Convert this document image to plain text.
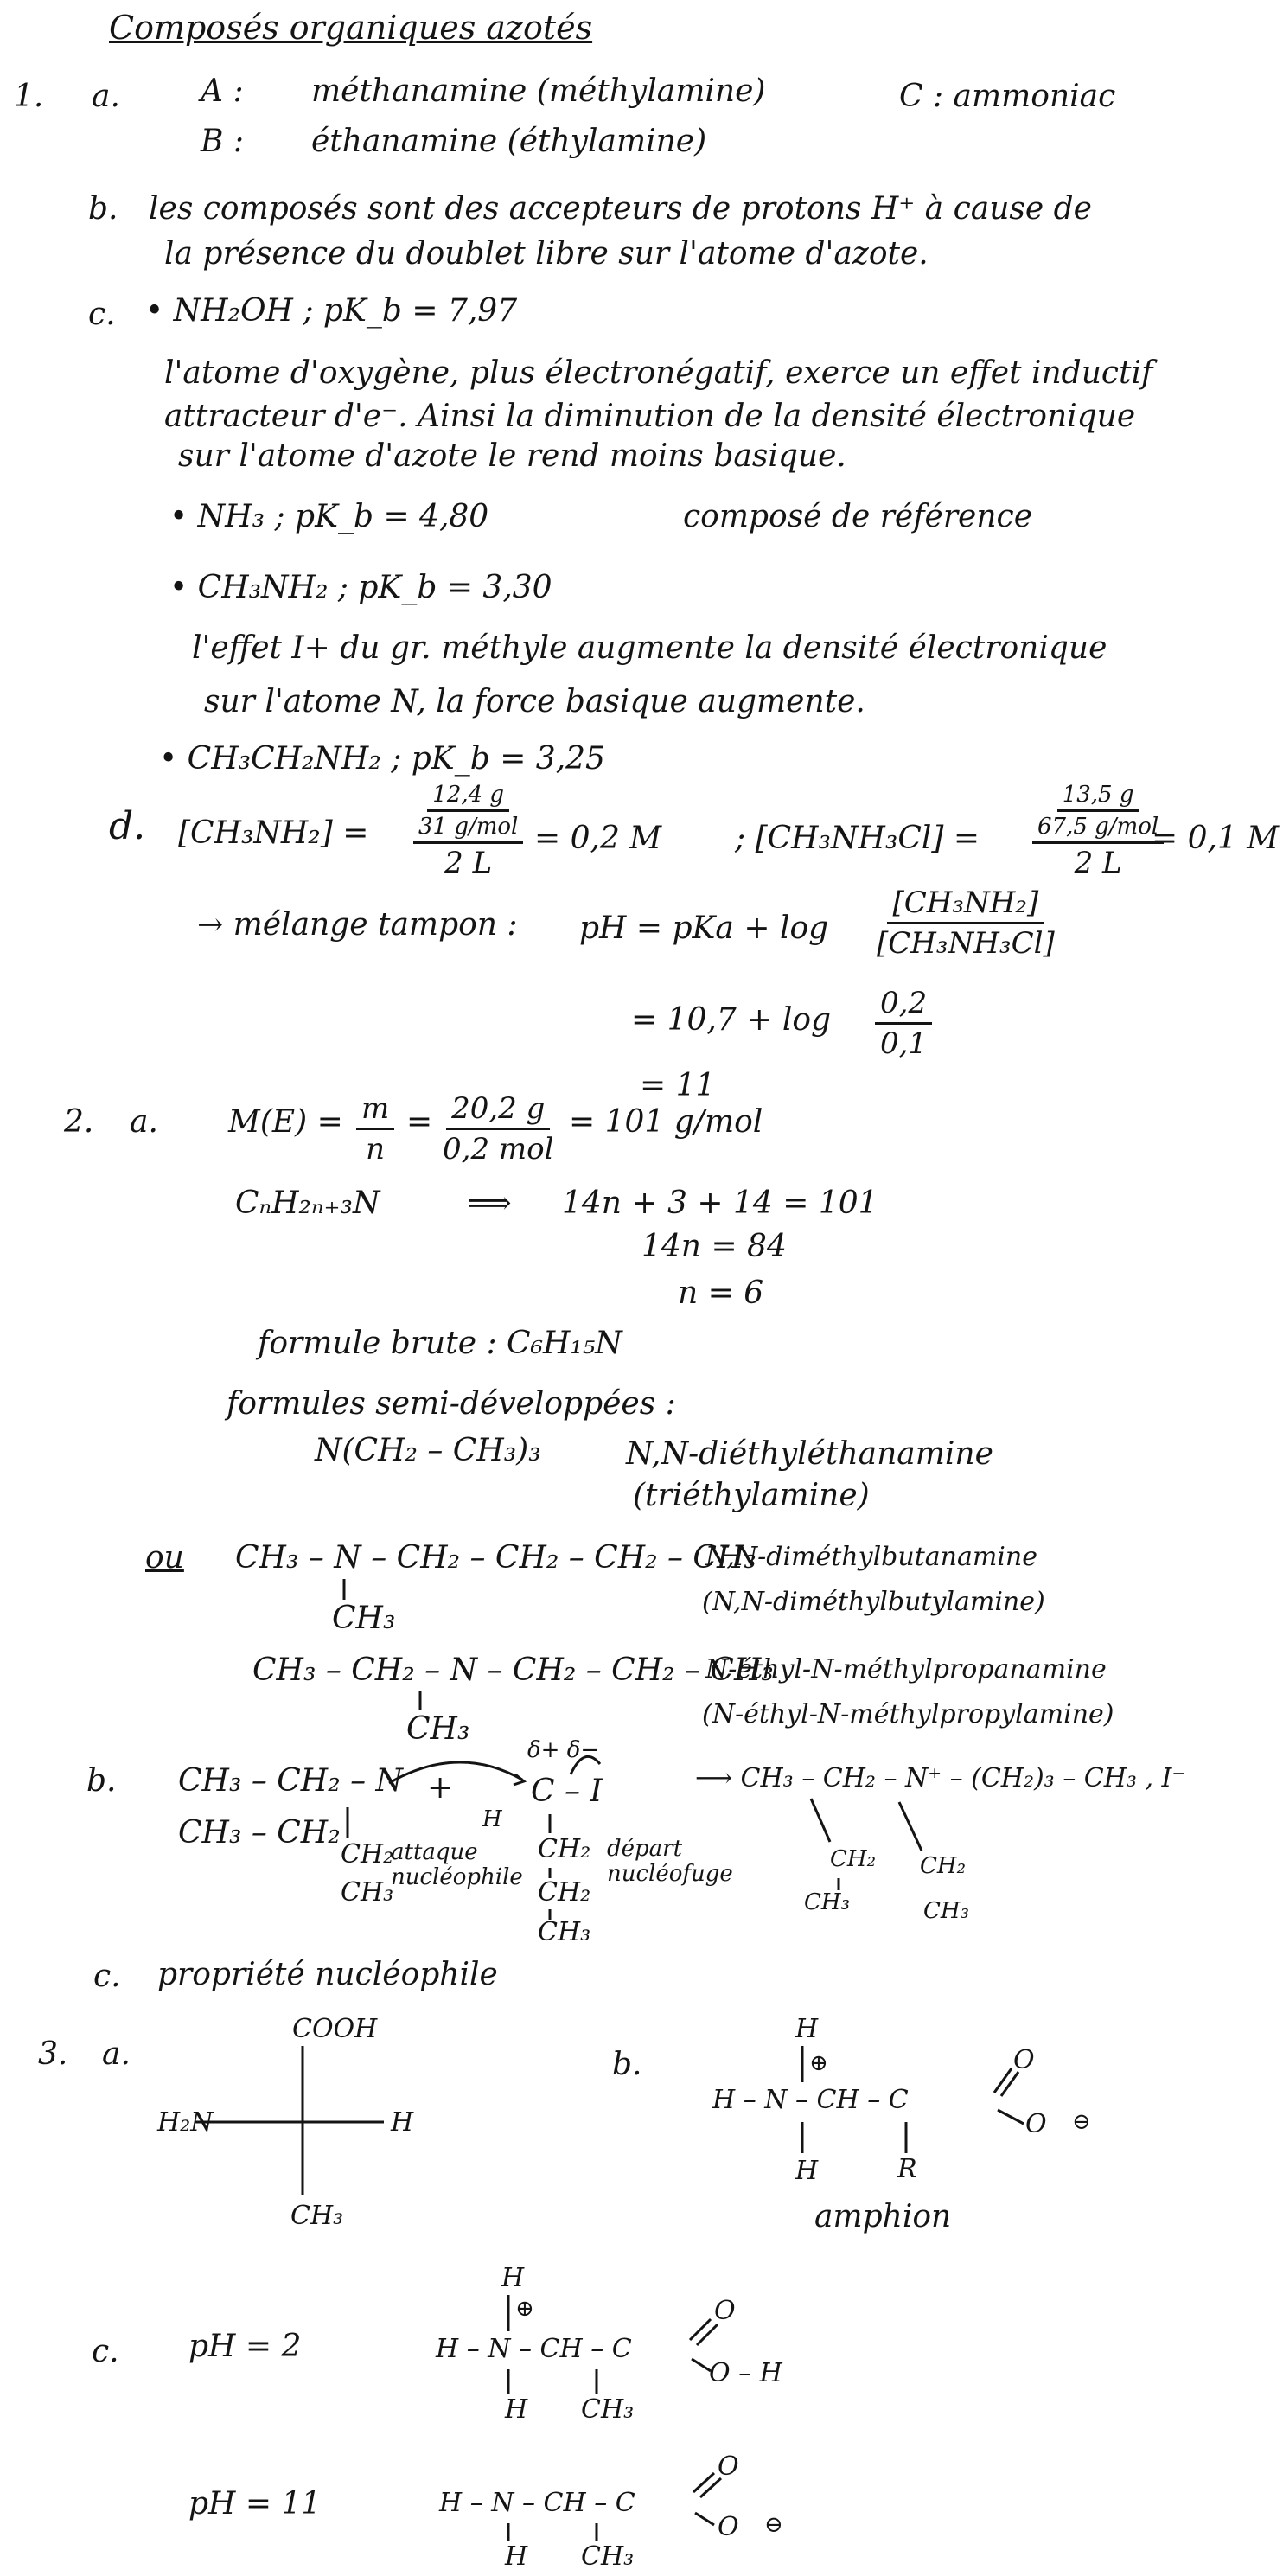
Composés organiques azotés
1. a.	A : méthanamine (méthylamine)	C : ammoniac
B : éthanamine (éthylamine)
b. les composés sont des accepteurs de protons H⁺ à cause de
la présence du doublet libre sur l'atome d'azote.
c. • NH₂OH ; pK_b = 7,97
l'atome d'oxygène, plus électronégatif, exerce un effet inductif
attracteur d'e⁻. Ainsi la diminution de la densité électronique
sur l'atome d'azote le rend moins basique.
• NH₃ ; pK_b = 4,80	composé de référence
• CH₃NH₂ ; pK_b = 3,30
l'effet I+ du gr. méthyle augmente la densité électronique
sur l'atome N, la force basique augmente.
• CH₃CH₂NH₂ ; pK_b = 3,25
d. [CH₃NH₂] =
12,4 g
31 g/mol
2 L
= 0,2 M ; [CH₃NH₃Cl] =
13,5 g
67,5 g/mol
2 L
= 0,1 M
→ mélange tampon : pH = pKa + $\log \frac{\text{[CH₃NH₂]}}{\text{[CH₃NH₃Cl]}}$
= $10,7 + \log \frac{0,2}{0,1}$
= 11
2. a. $M(E) = \frac{m}{n} = 20,2$ g
0,2 mol
= 101 g/mol
CₙH₂ₙ₊₃N	⟹ 14n + 3 + 14 = 101
14n = 84
n = 6
formule brute : C₆H₁₅N
formules semi-développées :
N(CH₂ – CH₃)₃	N,N-diéthyléthanamine
(triéthylamine)
ou CH₃ – N – CH₂ – CH₂ – CH₂ – CH₃
CH₃
N,N-diméthylbutanamine
(N,N-diméthylbutylamine)
CH₃ – CH₂ – N – CH₂ – CH₂ – CH₃
CH₃
N-éthyl-N-méthylpropanamine
(N-éthyl-N-méthylpropylamine)
b. CH₃ – CH₂ – N
CH₃ – CH₂
CH₂
CH₃
attaque nucléophile
+
δ+ δ−
C – I
H
CH₂
CH₂
CH₃
départ nucléofuge
⟶ CH₃ – CH₂ – N⁺ – (CH₂)₃ – CH₃ , I⁻
CH₂
CH₃
CH₂
CH₃
c. propriété nucléophile
3. a.
COOH
H₂N	H
CH₃
b.
H
⊕
H – N – CH – C
O
O ⊖
H	R
amphion
c. pH = 2
H
⊕
H – N – CH – C
O
O – H
H CH₃
pH = 11	H – N – CH – C
O
O ⊖
H CH₃
